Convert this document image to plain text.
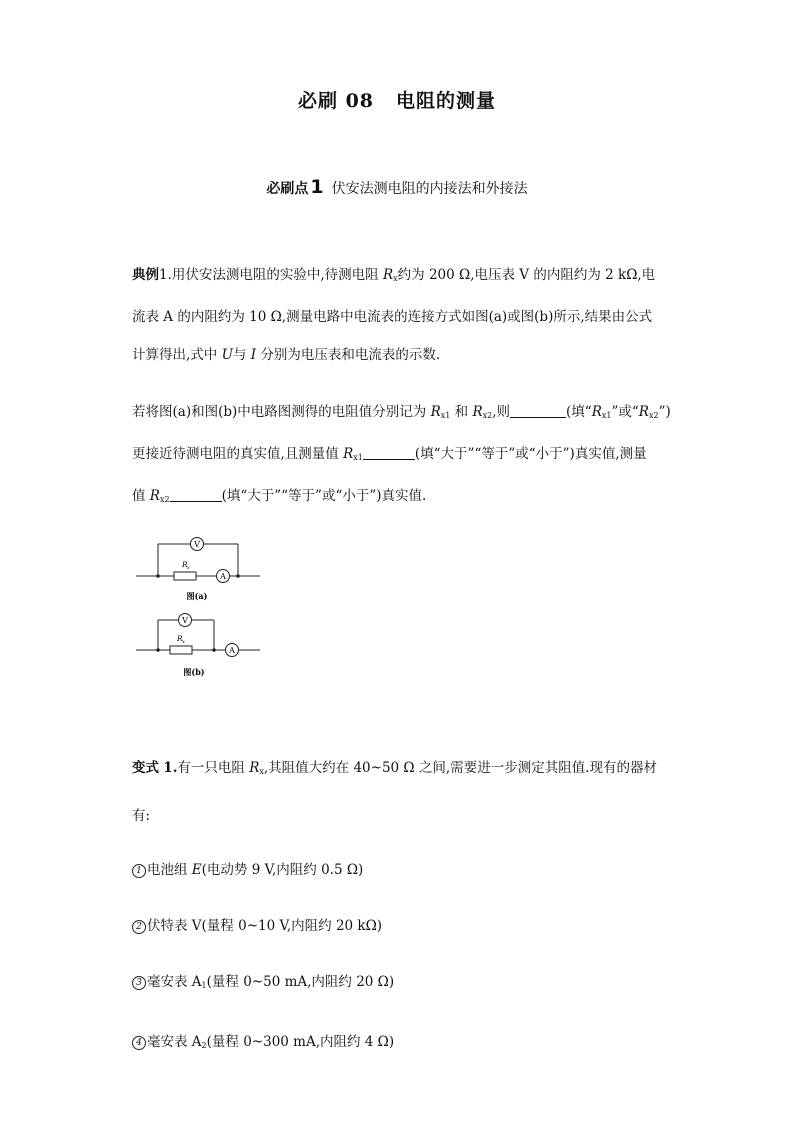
必刷 08 电阻的测量
必刷点 1 伏安法测电阻的内接法和外接法
典例1.用伏安法测电阻的实验中,待测电阻 $R_x$约为 200 Ω,电压表 V 的内阻约为 2 kΩ,电
流表 A 的内阻约为 10 Ω,测量电路中电流表的连接方式如图(a)或图(b)所示,结果由公式
计算得出,式中 U与 I 分别为电压表和电流表的示数.
若将图(a)和图(b)中电路图测得的电阻值分别记为 $R_{x1}$ 和 $R_{x2}$,则	(填“$R_{x1}$”或“$R_{x2}$”)
更接近待测电阻的真实值,且测量值 $R_{x1}$	(填“大于”“等于”或“小于”)真实值,测量
值 $R_{x2}$	(填“大于”“等于”或“小于”)真实值.
V
A
R x
图(a)
V
A
R x
图(b)
变式 1.有一只电阻 $R_x$,其阻值大约在 40~50 Ω 之间,需要进一步测定其阻值.现有的器材
有:
1 电池组 E(电动势 9 V,内阻约 0.5 Ω)
2 伏特表 V(量程 0~10 V,内阻约 20 kΩ)
3 毫安表 $A_1$(量程 0~50 mA,内阻约 20 Ω)
4 毫安表 $A_2$(量程 0~300 mA,内阻约 4 Ω)
